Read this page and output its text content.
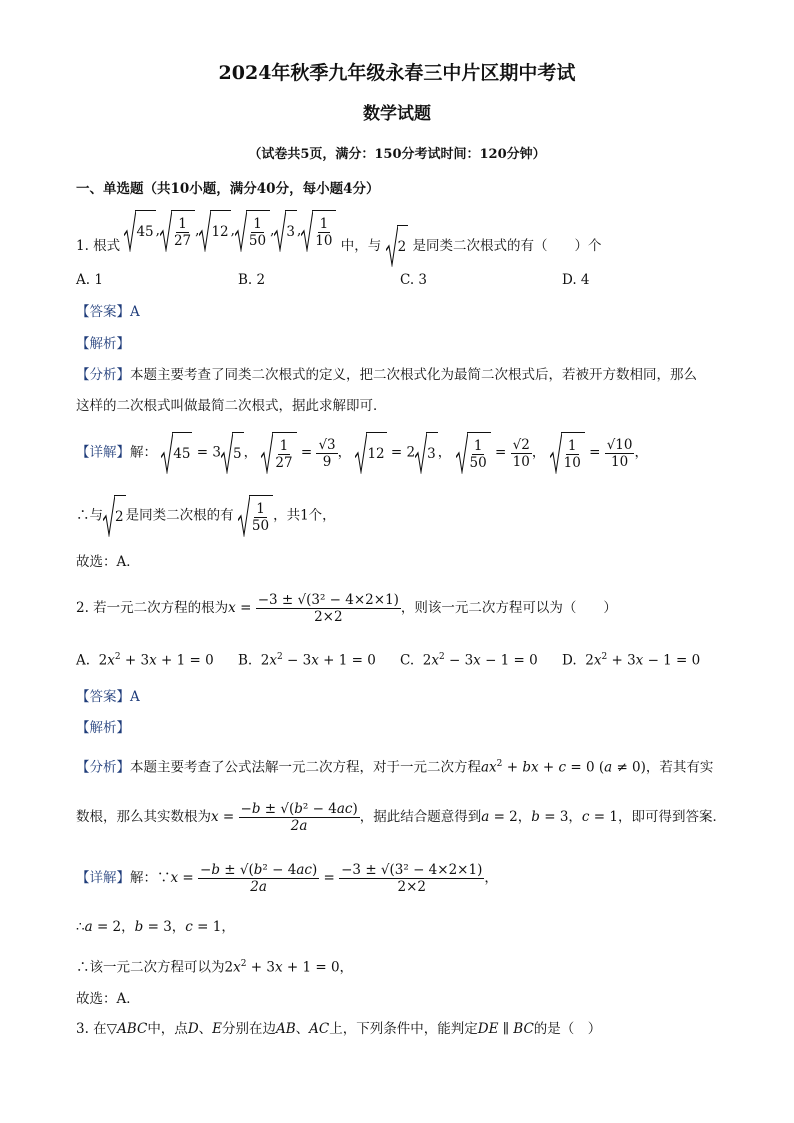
2024年秋季九年级永春三中片区期中考试
数学试题
（试卷共5页，满分：150分考试时间：120分钟）
一、单选题（共10小题，满分40分，每小题4分）
1. 根式
45 , $\frac{1}{27}$ , 12 , $\frac{1}{50}$ , 3 , $\frac{1}{10}$ 中，与 2 是同类二次根式的有（　　）个
A. 1	B. 2	C. 3	D. 4
【答案】A
【解析】
【分析】本题主要考查了同类二次根式的定义，把二次根式化为最简二次根式后，若被开方数相同，那么
这样的二次根式叫做最简二次根式，据此求解即可．
【详解】解： 45 = 3 5 ， $\frac{1}{27} = \frac{√3}{9}$ ，
12 = 2 3 ， $\frac{1}{50} = \frac{√2}{10}$ ， $\frac{1}{10} = \frac{√10}{10}$ ，
∴与 2 是同类二次根的有 $\frac{1}{50}$ ，共1个，
故选：A．
2. 若一元二次方程的根为$x = \frac{\text{−3 ± √(3² − 4×2×1)}}{2\times 2}$ ，则该一元二次方程可以为（　　）
A.  $2x^2 + 3x + 1 = 0$ B.  $2x^2 - 3x + 1 = 0$ C.  $2x^2 - 3x - 1 = 0$ D.  $2x^2 + 3x - 1 = 0$
【答案】A
【解析】
【分析】本题主要考查了公式法解一元二次方程，对于一元二次方程$ax^2$ + bx + c = 0 (a ≠ 0)，若其有实
数根，那么其实数根为$x = \frac{\text{−b ± √(b² − 4ac)}}{2a}$ ，据此结合题意得到a = 2，b = 3，c = 1，即可得到答案．
【详解】解：∵x = $\frac{\text{−b ± √(b² − 4ac)}}{2a} = \frac{\text{−3 ± √(3² − 4×2×1)}}{2\times 2}$ ，
∴a = 2，b = 3，c = 1，
∴该一元二次方程可以为$2x^2 + 3x + 1 = 0$，
故选：A．
3. 在▽ABC中，点D、E分别在边AB、AC上，下列条件中，能判定DE ∥ BC的是（　）
